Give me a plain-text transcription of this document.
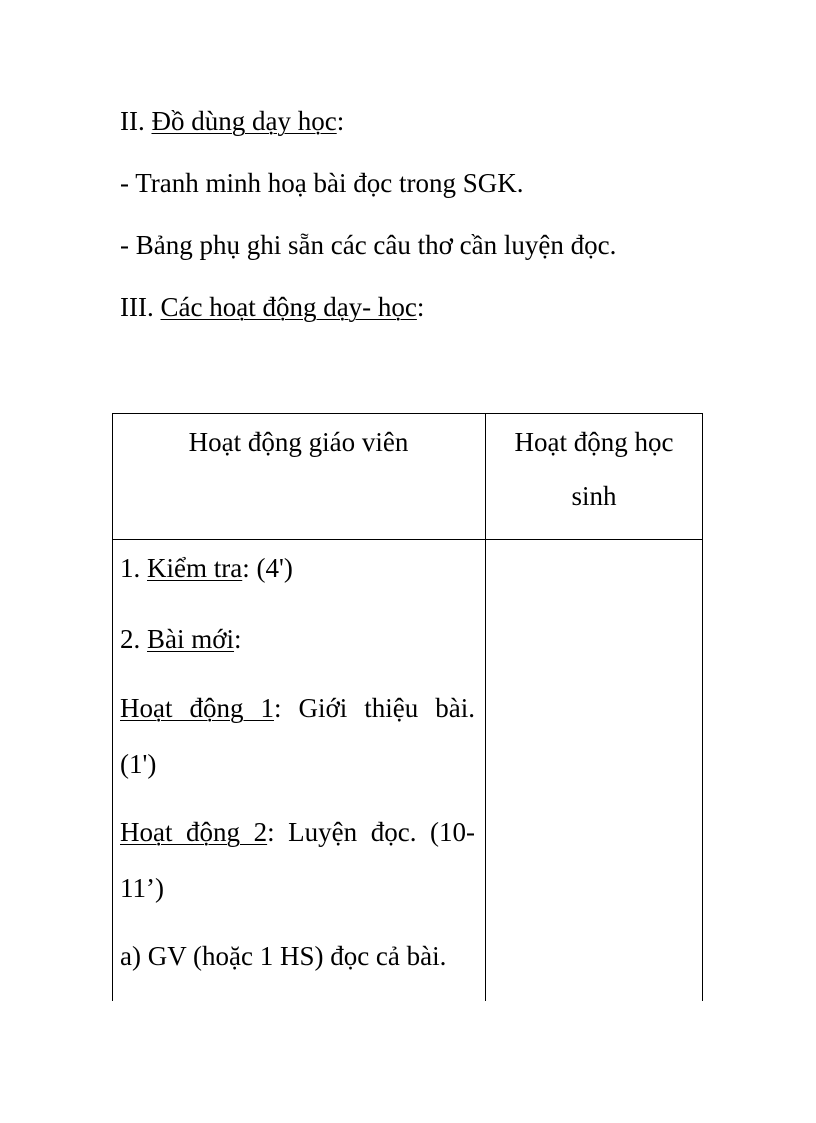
II. Đồ dùng dạy học:
- Tranh minh hoạ bài đọc trong SGK.
- Bảng phụ ghi sẵn các câu thơ cần luyện đọc.
III. Các hoạt động dạy- học:
Hoạt động giáo viên	Hoạt động học
sinh
1. Kiểm tra: (4')
2. Bài mới:
Hoạt động 1: Giới thiệu bài.
(1')
Hoạt động 2: Luyện đọc. (10-
11’)
a) GV (hoặc 1 HS) đọc cả bài.
